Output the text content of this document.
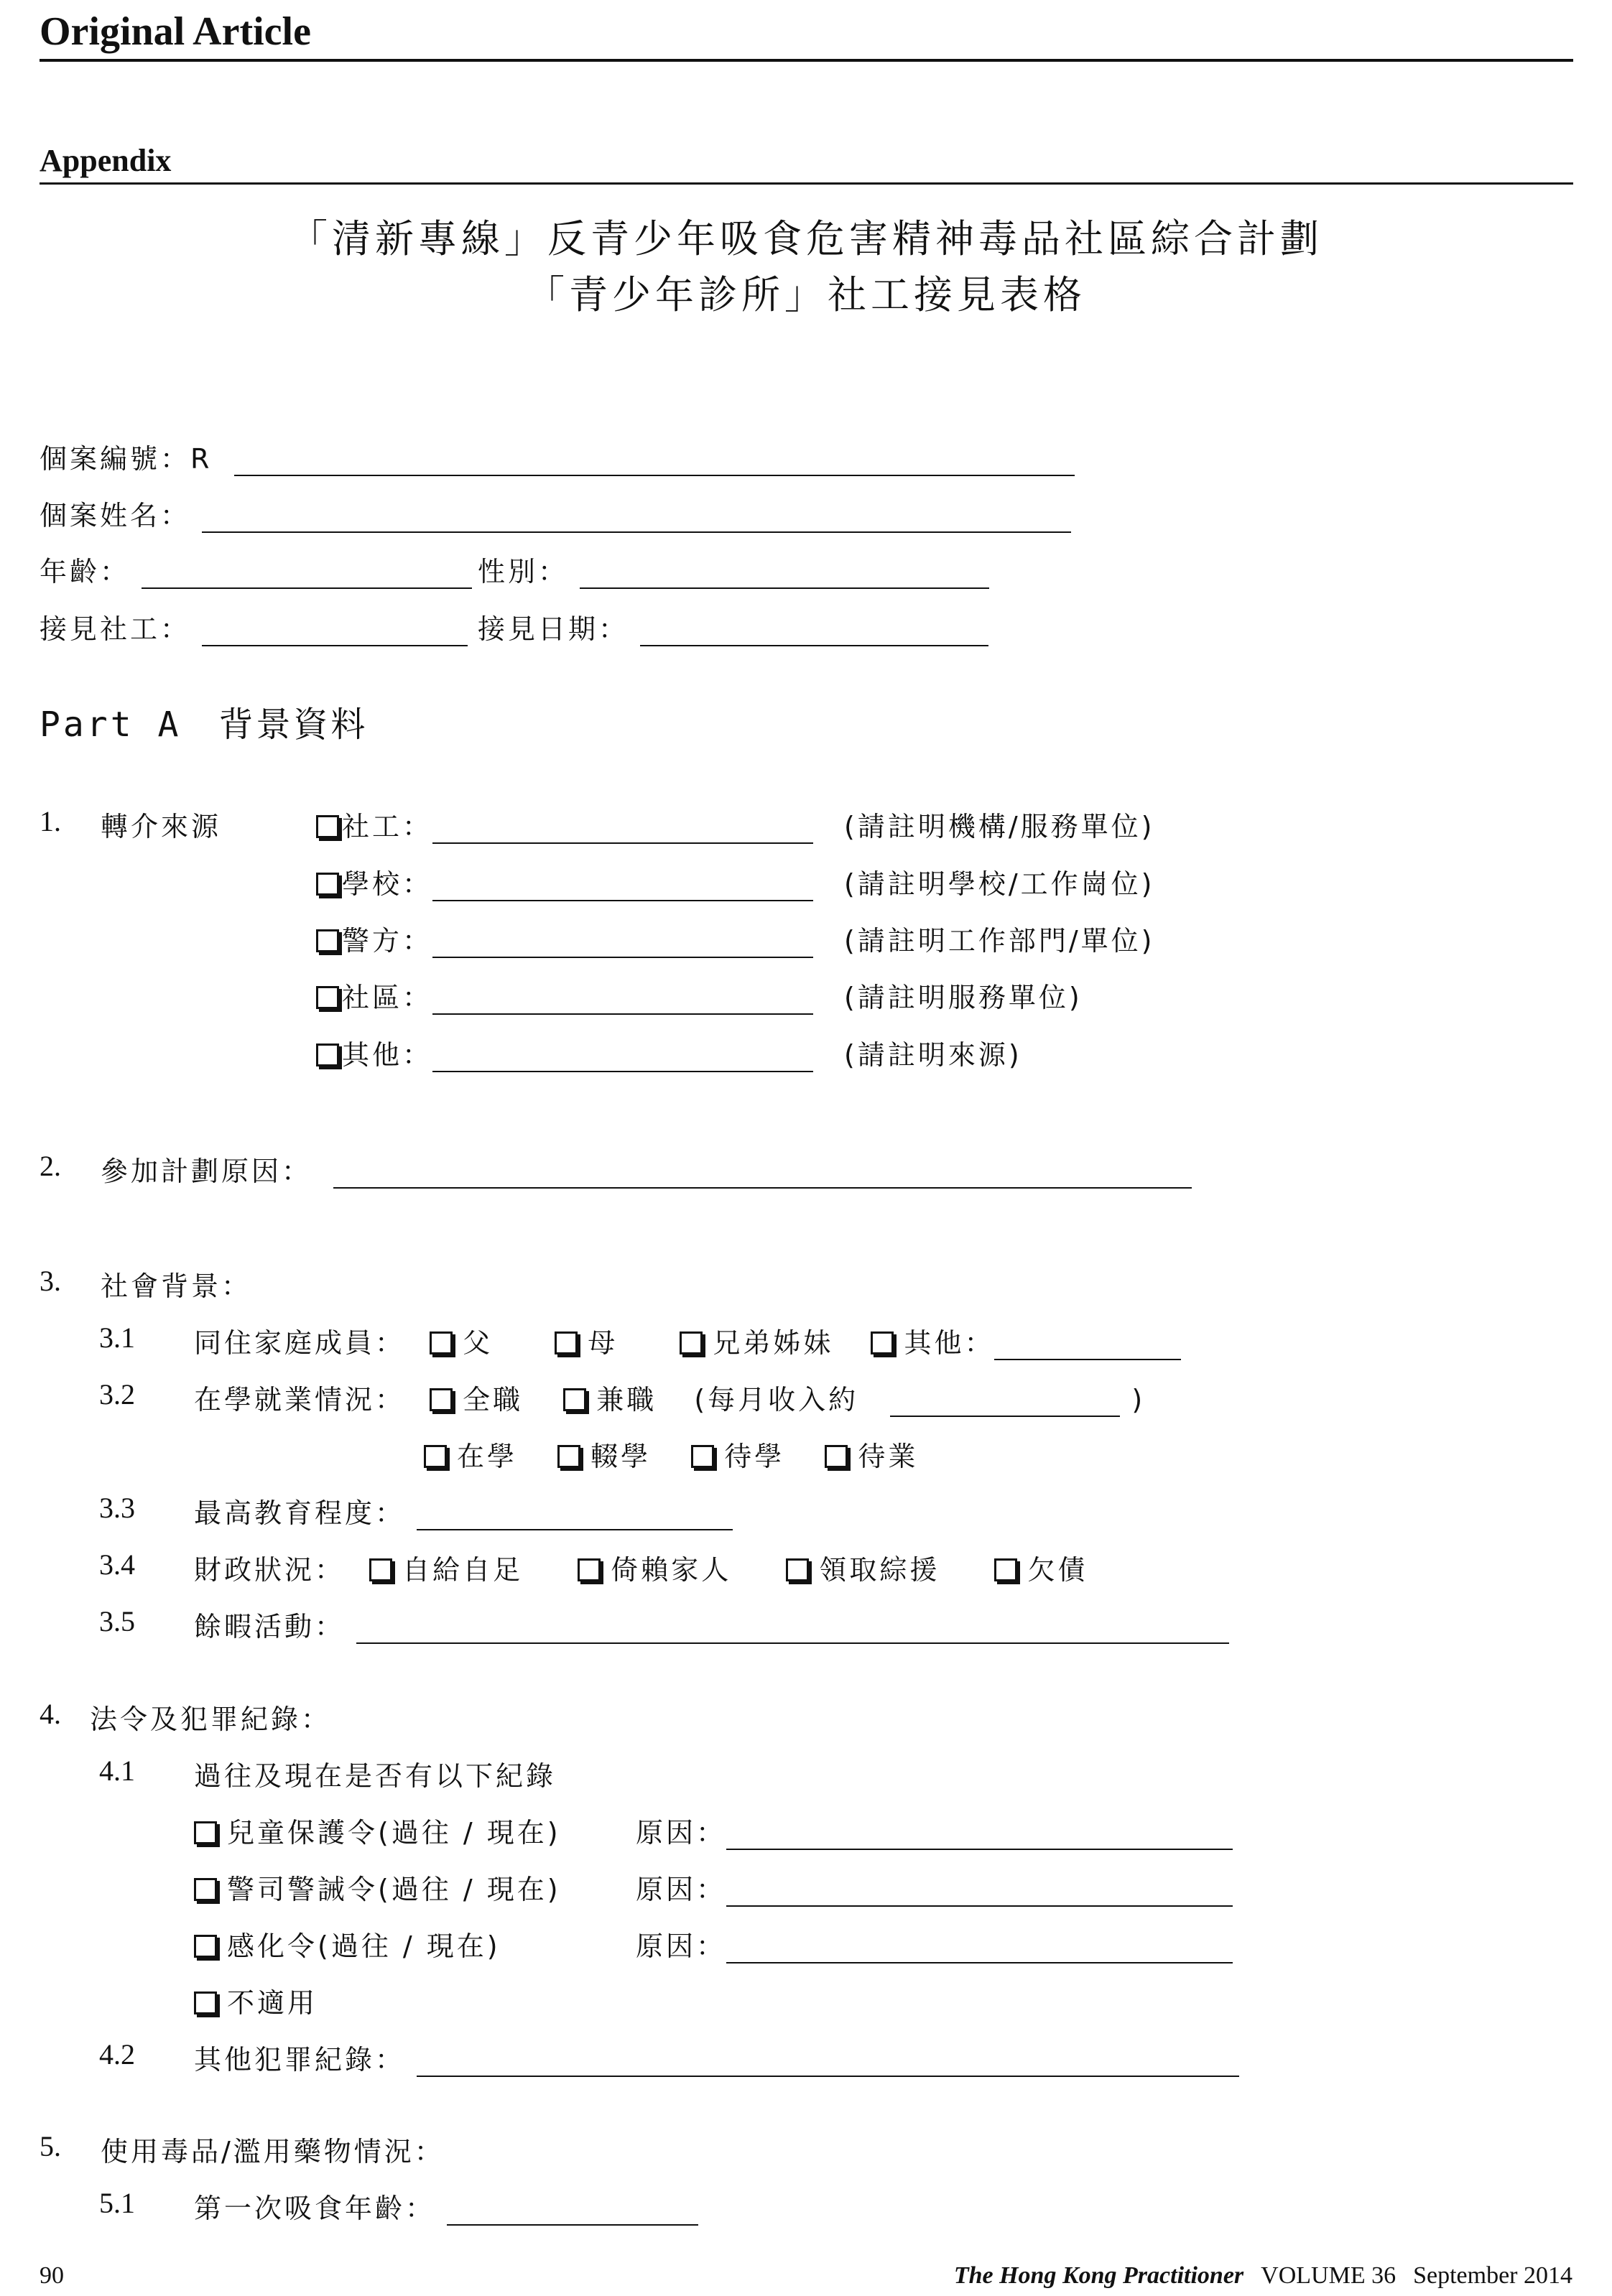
Original Article
Appendix
「清新專線」反青少年吸食危害精神毒品社區綜合計劃
「青少年診所」社工接見表格
個案編號：R
個案姓名：
年齡：	性別：
接見社工：	接見日期：
Part A　背景資料
1. 轉介來源	社工：	(請註明機構/服務單位)
學校：	(請註明學校/工作崗位)
警方：	(請註明工作部門/單位)
社區：	(請註明服務單位)
其他：	(請註明來源)
2. 參加計劃原因：
3. 社會背景：
3.1 同住家庭成員： 父	母	兄弟姊妹	其他：
3.2 在學就業情況： 全職	兼職 (每月收入約	)
在學	輟學	待學	待業
3.3 最高教育程度：
3.4 財政狀況： 自給自足	倚賴家人	領取綜援	欠債
3.5 餘暇活動：
4. 法令及犯罪紀錄：
4.1 過往及現在是否有以下紀錄
兒童保護令(過往 / 現在)	原因：
警司警誡令(過往 / 現在)	原因：
感化令(過往 / 現在)	原因：
不適用
4.2 其他犯罪紀錄：
5. 使用毒品/濫用藥物情況：
5.1 第一次吸食年齡：
90	The Hong Kong Practitioner VOLUME 36 September 2014
